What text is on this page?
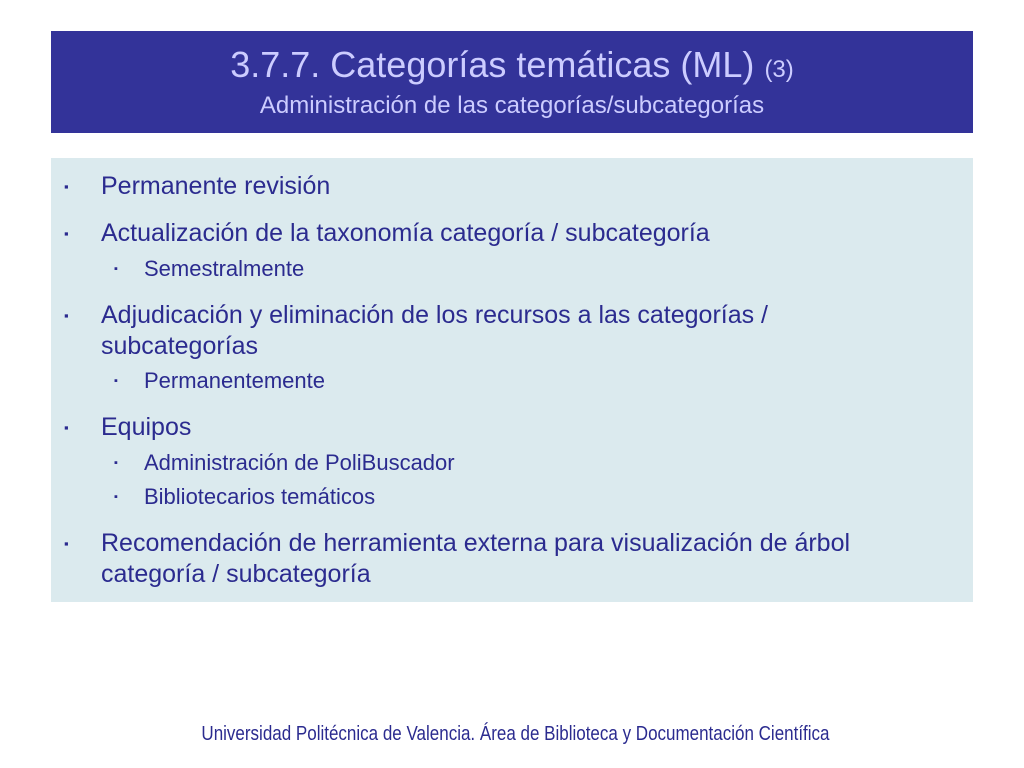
3.7.7. Categorías temáticas (ML) (3)
Administración de las categorías/subcategorías
▪ Permanente revisión
▪ Actualización de la taxonomía categoría / subcategoría
▪ Semestralmente
▪ Adjudicación y eliminación de los recursos a las categorías /
subcategorías
▪ Permanentemente
▪ Equipos
▪ Administración de PoliBuscador
▪ Bibliotecarios temáticos
▪ Recomendación de herramienta externa para visualización de árbol
categoría / subcategoría
Universidad Politécnica de Valencia. Área de Biblioteca y Documentación Científica
